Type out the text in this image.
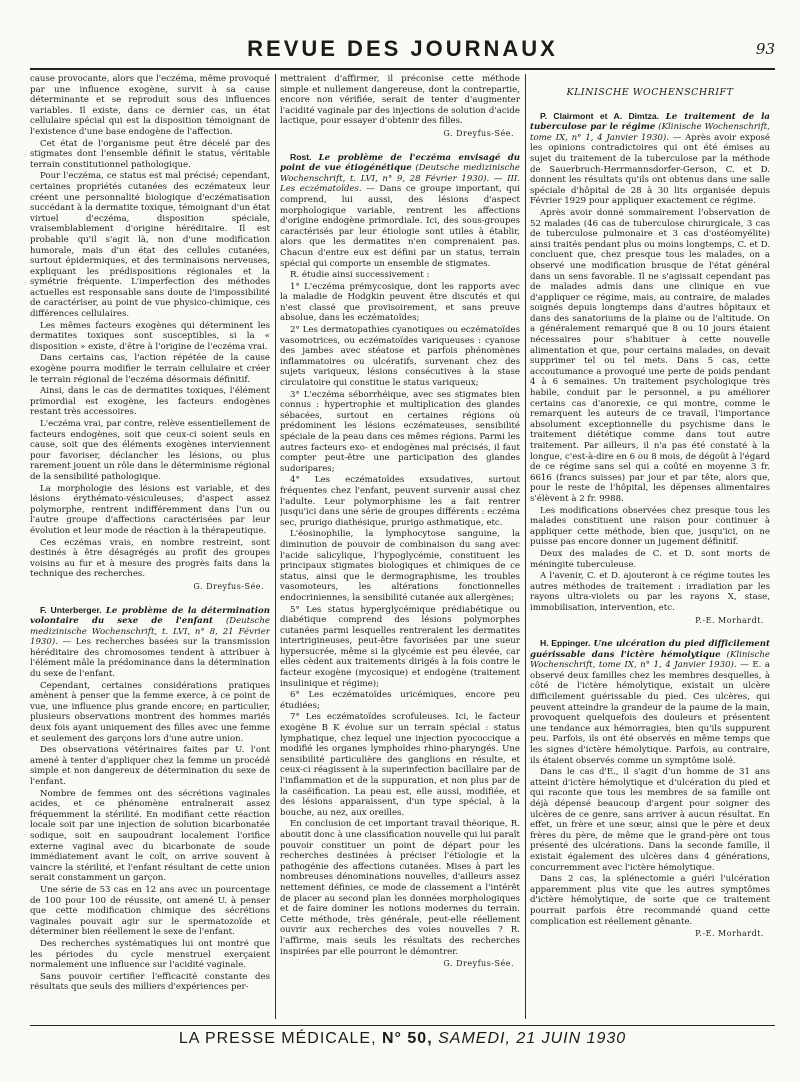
REVUE DES JOURNAUX	93

cause provocante, alors que l'eczéma, même provoqué par une influence exogène, survit à sa cause déterminante et se reproduit sous des influences variables. Il existe, dans ce dernier cas, un état cellulaire spécial qui est la disposition témoignant de l'existence d'une base endogène de l'affection.

Cet état de l'organisme peut être décelé par des stigmates dont l'ensemble définit le status, véritable terrain constitutionnel pathologique.

Pour l'eczéma, ce status est mal précisé; cependant, certaines propriétés cutanées des eczémateux leur créent une personnalité biologique d'eczématisation succédant à la dermatite toxique, témoignant d'un état virtuel d'eczéma, disposition spéciale, vraisemblablement d'origine héréditaire. Il est probable qu'il s'agit là, non d'une modification humorale, mais d'un état des cellules cutanées, surtout épidermiques, et des terminaisons nerveuses, expliquant les prédispositions régionales et la symétrie fréquente. L'imperfection des méthodes actuelles est responsable sans doute de l'impossibilité de caractériser, au point de vue physico-chimique, ces différences cellulaires.

Les mêmes facteurs exogènes qui déterminent les dermatites toxiques sont susceptibles, si la « disposition » existe, d'être à l'origine de l'eczéma vrai.

Dans certains cas, l'action répétée de la cause exogène pourra modifier le terrain cellulaire et créer le terrain régional de l'eczéma désormais définitif.

Ainsi, dans le cas de dermatites toxiques, l'élément primordial est exogène, les facteurs endogènes restant très accessoires.

L'eczéma vrai, par contre, relève essentiellement de facteurs endogènes, soit que ceux-ci soient seuls en cause, soit que des éléments exogènes interviennent pour favoriser, déclancher les lésions, ou plus rarement jouent un rôle dans le déterminisme régional de la sensibilité pathologique.

La morphologie des lésions est variable, et des lésions érythémato-vésiculeuses, d'aspect assez polymorphe, rentrent indifféremment dans l'un ou l'autre groupe d'affections caractérisées par leur évolution et leur mode de réaction à la thérapeutique.

Ces eczémas vrais, en nombre restreint, sont destinés à être désagrégés au profit des groupes voisins au fur et à mesure des progrès faits dans la technique des recherches.

G. Dreyfus-Sée.

F. Unterberger. Le problème de la détermination volontaire du sexe de l'enfant (Deutsche medizinische Wochenschrift, t. LVI, n° 8, 21 Février 1930). — Les recherches basées sur la transmission héréditaire des chromosomes tendent à attribuer à l'élément mâle la prédominance dans la détermination du sexe de l'enfant.

Cependant, certaines considérations pratiques amènent à penser que la femme exerce, à ce point de vue, une influence plus grande encore; en particulier, plusieurs observations montrent des hommes mariés deux fois ayant uniquement des filles avec une femme et seulement des garçons lors d'une autre union.

Des observations vétérinaires faites par U. l'ont amené à tenter d'appliquer chez la femme un procédé simple et non dangereux de détermination du sexe de l'enfant.

Nombre de femmes ont des sécrétions vaginales acides, et ce phénomène entraînerait assez fréquemment la stérilité. En modifiant cette réaction locale soit par une injection de solution bicarbonatée sodique, soit en saupoudrant localement l'orifice externe vaginal avec du bicarbonate de soude immédiatement avant le coït, on arrive souvent à vaincre la stérilité, et l'enfant résultant de cette union serait constamment un garçon.

Une série de 53 cas en 12 ans avec un pourcentage de 100 pour 100 de réussite, ont amené U. à penser que cette modification chimique des sécrétions vaginales pouvait agir sur le spermatozoïde et déterminer bien réellement le sexe de l'enfant.

Des recherches systématiques lui ont montré que les périodes du cycle menstruel exerçaient normalement une influence sur l'acidité vaginale.

Sans pouvoir certifier l'efficacité constante des résultats que seuls des milliers d'expériences per-

mettraient d'affirmer, il préconise cette méthode simple et nullement dangereuse, dont la contrepartie, encore non vérifiée, serait de tenter d'augmenter l'acidité vaginale par des injections de solution d'acide lactique, pour essayer d'obtenir des filles.

G. Dreyfus-Sée.

Rost. Le problème de l'eczéma envisagé du point de vue étiogénétique (Deutsche medizinische Wochenschrift, t. LVI, n° 9, 28 Février 1930). — III. Les eczématoïdes. — Dans ce groupe important, qui comprend, lui aussi, des lésions d'aspect morphologique variable, rentrent les affections d'origine endogène primordiale. Ici, des sous-groupes caractérisés par leur étiologie sont utiles à établir, alors que les dermatites n'en comprenaient pas. Chacun d'entre eux est défini par un status, terrain spécial qui comporte un ensemble de stigmates.

R. étudie ainsi successivement :

1° L'eczéma prémycosique, dont les rapports avec la maladie de Hodgkin peuvent être discutés et qui n'est classé que provisoirement, et sans preuve absolue, dans les eczématoïdes;

2° Les dermatopathies cyanotiques ou eczématoïdes vasomotrices, ou eczématoïdes variqueuses : cyanose des jambes avec stéatose et parfois phénomènes inflammatoires ou ulcératifs, survenant chez des sujets variqueux, lésions consécutives à la stase circulatoire qui constitue le status variqueux;

3° L'eczéma séborrhéique, avec ses stigmates bien connus : hypertrophie et multiplication des glandes sébacées, surtout en certaines régions où prédominent les lésions eczémateuses, sensibilité spéciale de la peau dans ces mêmes régions. Parmi les autres facteurs exo- et endogènes mal précisés, il faut compter peut-être une participation des glandes sudoripares;

4° Les eczématoïdes exsudatives, surtout fréquentes chez l'enfant, peuvent survenir aussi chez l'adulte. Leur polymorphisme les a fait rentrer jusqu'ici dans une série de groupes différents : eczéma sec, prurigo diathésique, prurigo asthmatique, etc.

L'éosinophilie, la lymphocytose sanguine, la diminution de pouvoir de combinaison du sang avec l'acide salicylique, l'hypoglycémie, constituent les principaux stigmates biologiques et chimiques de ce status, ainsi que le dermographisme, les troubles vasomoteurs, les altérations fonctionnelles endocriniennes, la sensibilité cutanée aux allergènes;

5° Les status hyperglycémique prédiabétique ou diabétique comprend des lésions polymorphes cutanées parmi lesquelles rentreraient les dermatites intertrigineuses, peut-être favorisées par une sueur hypersucrée, même si la glycémie est peu élevée, car elles cèdent aux traitements dirigés à la fois contre le facteur exogène (mycosique) et endogène (traitement insulinique et régime);

6° Les eczématoïdes uricémiques, encore peu étudiées;

7° Les eczématoïdes scrofuleuses. Ici, le facteur exogène B K évolue sur un terrain spécial : status lymphatique, chez lequel une injection pyococcique a modifié les organes lymphoïdes rhino-pharyngés. Une sensibilité particulière des ganglions en résulte, et ceux-ci réagissent à la superinfection bacillaire par de l'inflammation et de la suppuration, et non plus par de la caséification. La peau est, elle aussi, modifiée, et des lésions apparaissent, d'un type spécial, à la bouche, au nez, aux oreilles.

En conclusion de cet important travail théorique, R. aboutit donc à une classification nouvelle qui lui paraît pouvoir constituer un point de départ pour les recherches destinées à préciser l'étiologie et la pathogénie des affections cutanées. Mises à part les nombreuses dénominations nouvelles, d'ailleurs assez nettement définies, ce mode de classement a l'intérêt de placer au second plan les données morphologiques et de faire dominer les notions modernes du terrain. Cette méthode, très générale, peut-elle réellement ouvrir aux recherches des voies nouvelles ? R. l'affirme, mais seuls les résultats des recherches inspirées par elle pourront le démontrer.

G. Dreyfus-Sée.
KLINISCHE WOCHENSCHRIFT

P. Clairmont et A. Dimtza. Le traitement de la tuberculose par le régime (Klinische Wochenschrift, tome IX, n° 1, 4 Janvier 1930). — Après avoir exposé les opinions contradictoires qui ont été émises au sujet du traitement de la tuberculose par la méthode de Sauerbruch-Herrmannsdorfer-Gerson, C. et D. donnent les résultats qu'ils ont obtenus dans une salle spéciale d'hôpital de 28 à 30 lits organisée depuis Février 1929 pour appliquer exactement ce régime.

Après avoir donné sommairement l'observation de 52 malades (46 cas de tuberculose chirurgicale, 3 cas de tuberculose pulmonaire et 3 cas d'ostéomyélite) ainsi traités pendant plus ou moins longtemps, C. et D. concluent que, chez presque tous les malades, on a observé une modification brusque de l'état général dans un sens favorable. Il ne s'agissait cependant pas de malades admis dans une clinique en vue d'appliquer ce régime, mais, au contraire, de malades soignés depuis longtemps dans d'autres hôpitaux et dans des sanatoriums de la plaine ou de l'altitude. On a généralement remarqué que 8 ou 10 jours étaient nécessaires pour s'habituer à cette nouvelle alimentation et que, pour certains malades, on devait supprimer tel ou tel mets. Dans 5 cas, cette accoutumance a provoqué une perte de poids pendant 4 à 6 semaines. Un traitement psychologique très habile, conduit par le personnel, a pu améliorer certains cas d'anorexie, ce qui montre, comme le remarquent les auteurs de ce travail, l'importance absolument exceptionnelle du psychisme dans le traitement diététique comme dans tout autre traitement. Par ailleurs, il n'a pas été constaté à la longue, c'est-à-dire en 6 ou 8 mois, de dégoût à l'égard de ce régime sans sel qui a coûté en moyenne 3 fr. 6616 (francs suisses) par jour et par tête, alors que, pour le reste de l'hôpital, les dépenses alimentaires s'élèvent à 2 fr. 9988.

Les modifications observées chez presque tous les malades constituent une raison pour continuer à appliquer cette méthode, bien que, jusqu'ici, on ne puisse pas encore donner un jugement définitif.

Deux des malades de C. et D. sont morts de méningite tuberculeuse.

A l'avenir, C. et D. ajouteront à ce régime toutes les autres méthodes de traitement : irradiation par les rayons ultra-violets ou par les rayons X, stase, immobilisation, intervention, etc.

P.-E. Morhardt.

H. Eppinger. Une ulcération du pied difficilement guérissable dans l'ictère hémolytique (Klinische Wochenschrift, tome IX, n° 1, 4 Janvier 1930). — E. a observé deux familles chez les membres desquelles, à côté de l'ictère hémolytique, existait un ulcère difficilement guérissable du pied. Ces ulcères, qui peuvent atteindre la grandeur de la paume de la main, provoquent quelquefois des douleurs et présentent une tendance aux hémorragies, bien qu'ils suppurent peu. Parfois, ils ont été observés en même temps que les signes d'ictère hémolytique. Parfois, au contraire, ils étaient observés comme un symptôme isolé.

Dans le cas d'E., il s'agit d'un homme de 31 ans atteint d'ictère hémolytique et d'ulcération du pied et qui raconte que tous les membres de sa famille ont déjà dépensé beaucoup d'argent pour soigner des ulcères de ce genre, sans arriver à aucun résultat. En effet, un frère et une sœur, ainsi que le père et deux frères du père, de même que le grand-père ont tous présenté des ulcérations. Dans la seconde famille, il existait également des ulcères dans 4 générations, concurremment avec l'ictère hémolytique.

Dans 2 cas, la splénectomie a guéri l'ulcération apparemment plus vite que les autres symptômes d'ictère hémolytique, de sorte que ce traitement pourrait parfois être recommandé quand cette complication est réellement gênante.

P.-E. Morhardt.
LA PRESSE MÉDICALE, N° 50, SAMEDI, 21 JUIN 1930
